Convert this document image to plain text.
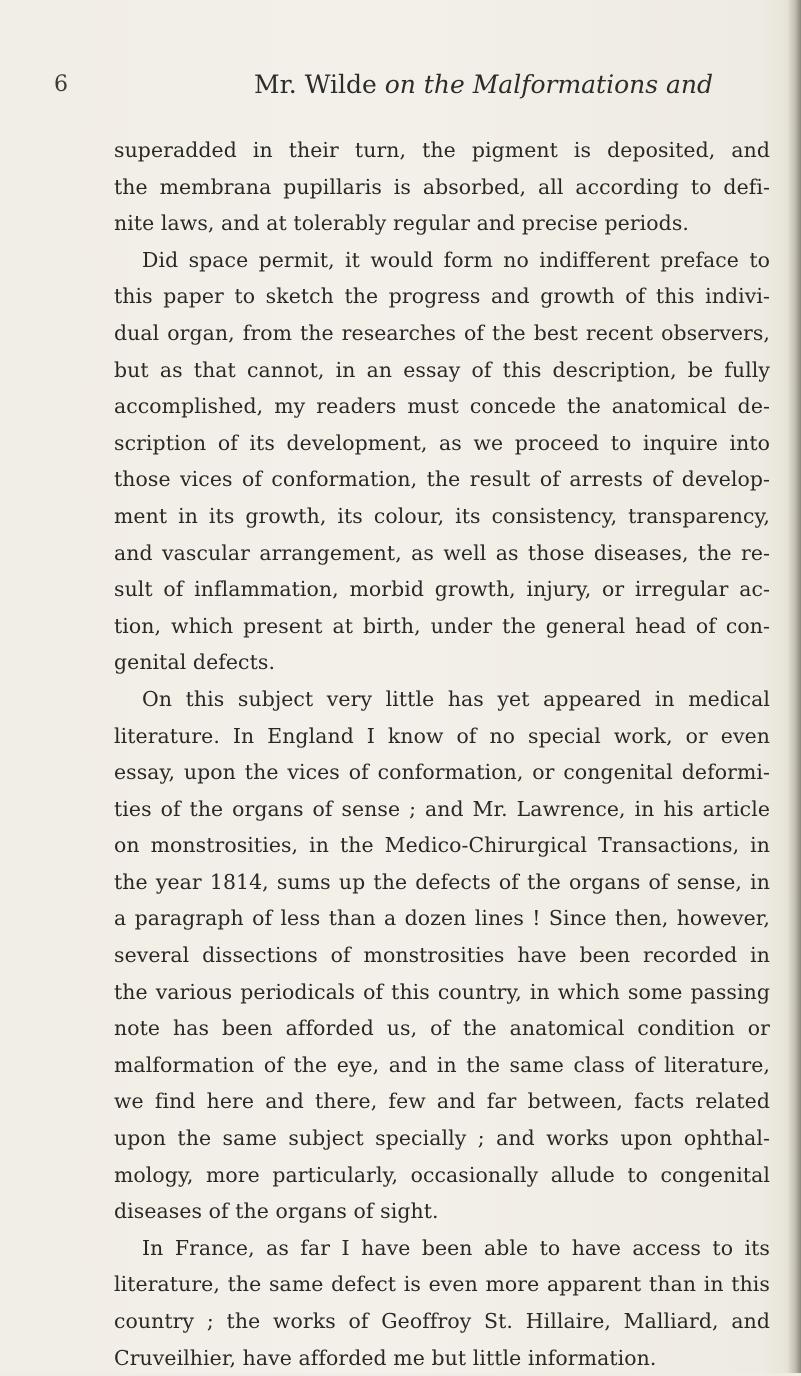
6	Mr. Wilde on the Malformations and
superadded in their turn, the pigment is deposited, and
the membrana pupillaris is absorbed, all according to defi-
nite laws, and at tolerably regular and precise periods.
Did space permit, it would form no indifferent preface to
this paper to sketch the progress and growth of this indivi-
dual organ, from the researches of the best recent observers,
but as that cannot, in an essay of this description, be fully
accomplished, my readers must concede the anatomical de-
scription of its development, as we proceed to inquire into
those vices of conformation, the result of arrests of develop-
ment in its growth, its colour, its consistency, transparency,
and vascular arrangement, as well as those diseases, the re-
sult of inflammation, morbid growth, injury, or irregular ac-
tion, which present at birth, under the general head of con-
genital defects.
On this subject very little has yet appeared in medical
literature. In England I know of no special work, or even
essay, upon the vices of conformation, or congenital deformi-
ties of the organs of sense ; and Mr. Lawrence, in his article
on monstrosities, in the Medico-Chirurgical Transactions, in
the year 1814, sums up the defects of the organs of sense, in
a paragraph of less than a dozen lines ! Since then, however,
several dissections of monstrosities have been recorded in
the various periodicals of this country, in which some passing
note has been afforded us, of the anatomical condition or
malformation of the eye, and in the same class of literature,
we find here and there, few and far between, facts related
upon the same subject specially ; and works upon ophthal-
mology, more particularly, occasionally allude to congenital
diseases of the organs of sight.
In France, as far I have been able to have access to its
literature, the same defect is even more apparent than in this
country ; the works of Geoffroy St. Hillaire, Malliard, and
Cruveilhier, have afforded me but little information.
